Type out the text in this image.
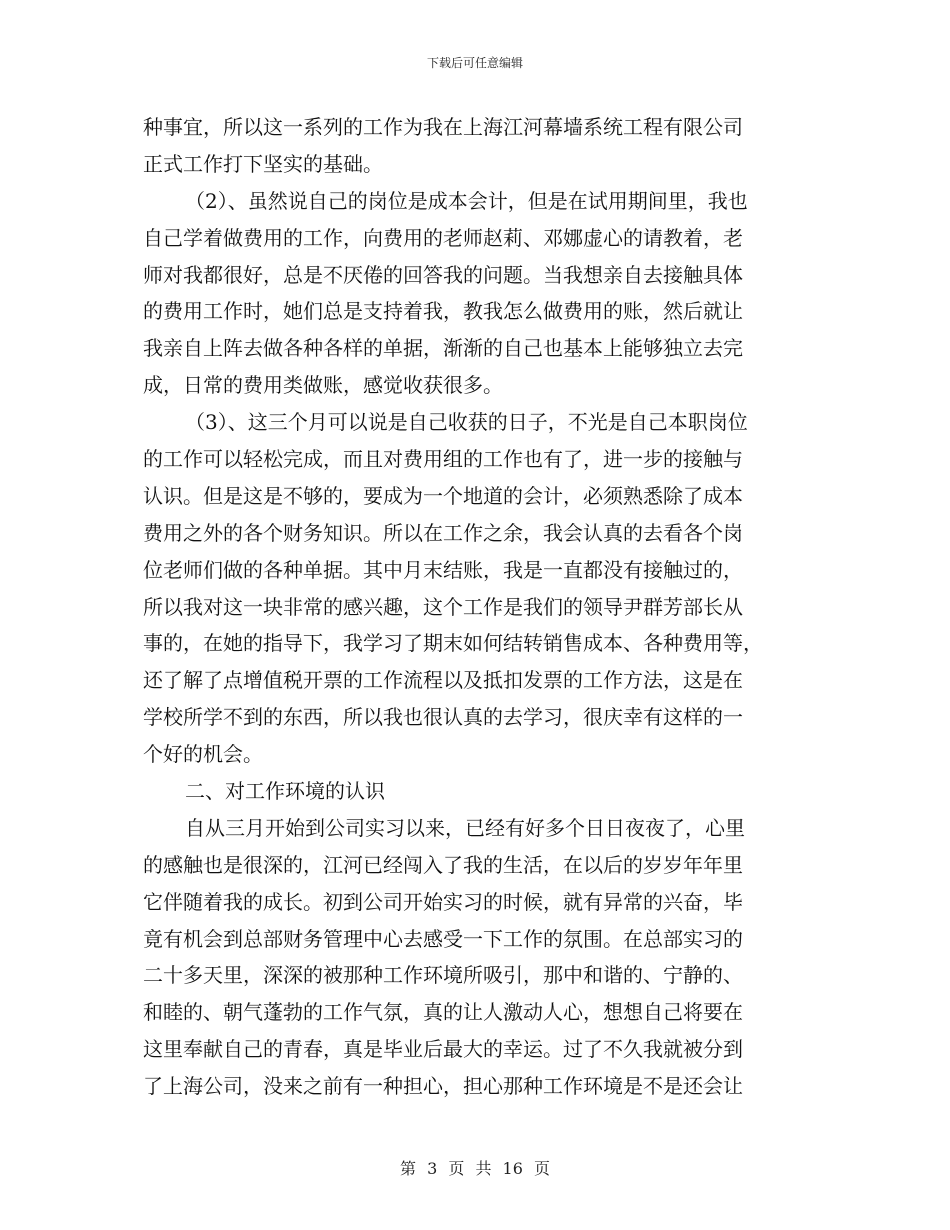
下载后可任意编辑
种事宜，所以这一系列的工作为我在上海江河幕墙系统工程有限公司
正式工作打下坚实的基础。
（2）、虽然说自己的岗位是成本会计，但是在试用期间里，我也
自己学着做费用的工作，向费用的老师赵莉、邓娜虚心的请教着，老
师对我都很好，总是不厌倦的回答我的问题。当我想亲自去接触具体
的费用工作时，她们总是支持着我，教我怎么做费用的账，然后就让
我亲自上阵去做各种各样的单据，渐渐的自己也基本上能够独立去完
成，日常的费用类做账，感觉收获很多。
（3）、这三个月可以说是自己收获的日子，不光是自己本职岗位
的工作可以轻松完成，而且对费用组的工作也有了，进一步的接触与
认识。但是这是不够的，要成为一个地道的会计，必须熟悉除了成本
费用之外的各个财务知识。所以在工作之余，我会认真的去看各个岗
位老师们做的各种单据。其中月末结账，我是一直都没有接触过的，
所以我对这一块非常的感兴趣，这个工作是我们的领导尹群芳部长从
事的，在她的指导下，我学习了期末如何结转销售成本、各种费用等，
还了解了点增值税开票的工作流程以及抵扣发票的工作方法，这是在
学校所学不到的东西，所以我也很认真的去学习，很庆幸有这样的一
个好的机会。
二、对工作环境的认识
自从三月开始到公司实习以来，已经有好多个日日夜夜了，心里
的感触也是很深的，江河已经闯入了我的生活，在以后的岁岁年年里
它伴随着我的成长。初到公司开始实习的时候，就有异常的兴奋，毕
竟有机会到总部财务管理中心去感受一下工作的氛围。在总部实习的
二十多天里，深深的被那种工作环境所吸引，那中和谐的、宁静的、
和睦的、朝气蓬勃的工作气氛，真的让人激动人心，想想自己将要在
这里奉献自己的青春，真是毕业后最大的幸运。过了不久我就被分到
了上海公司，没来之前有一种担心，担心那种工作环境是不是还会让
第 3 页 共 16 页
